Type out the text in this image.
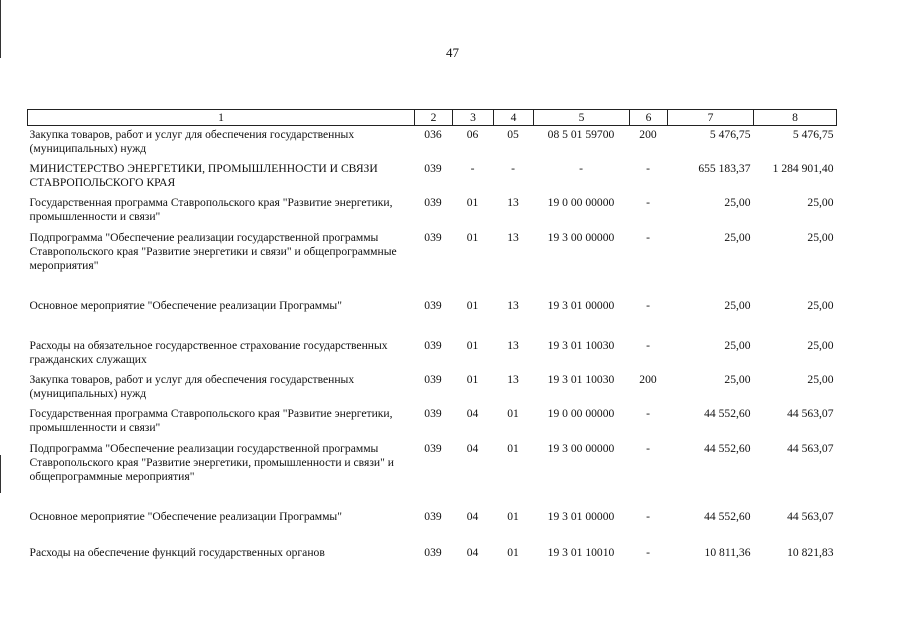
47
1	2	3	4	5	6	7	8
Закупка товаров, работ и услуг для обеспечения государственных (муниципальных) нужд	036	06	05	08 5 01 59700	200	5 476,75	5 476,75
МИНИСТЕРСТВО ЭНЕРГЕТИКИ, ПРОМЫШЛЕННОСТИ И СВЯЗИ СТАВРОПОЛЬСКОГО КРАЯ	039	-	-	-	-	655 183,37	1 284 901,40
Государственная программа Ставропольского края "Развитие энергетики, промышленности и связи"	039	01	13	19 0 00 00000	-	25,00	25,00
Подпрограмма "Обеспечение реализации государственной программы Ставропольского края "Развитие энергетики и связи" и общепрограммные мероприятия"	039	01	13	19 3 00 00000	-	25,00	25,00
Основное мероприятие "Обеспечение реализации Программы"	039	01	13	19 3 01 00000	-	25,00	25,00
Расходы на обязательное государственное страхование государственных гражданских служащих	039	01	13	19 3 01 10030	-	25,00	25,00
Закупка товаров, работ и услуг для обеспечения государственных (муниципальных) нужд	039	01	13	19 3 01 10030	200	25,00	25,00
Государственная программа Ставропольского края "Развитие энергетики, промышленности и связи"	039	04	01	19 0 00 00000	-	44 552,60	44 563,07
Подпрограмма "Обеспечение реализации государственной программы Ставропольского края "Развитие энергетики, промышленности и связи" и общепрограммные мероприятия"	039	04	01	19 3 00 00000	-	44 552,60	44 563,07
Основное мероприятие "Обеспечение реализации Программы"	039	04	01	19 3 01 00000	-	44 552,60	44 563,07
Расходы на обеспечение функций государственных органов	039	04	01	19 3 01 10010	-	10 811,36	10 821,83
